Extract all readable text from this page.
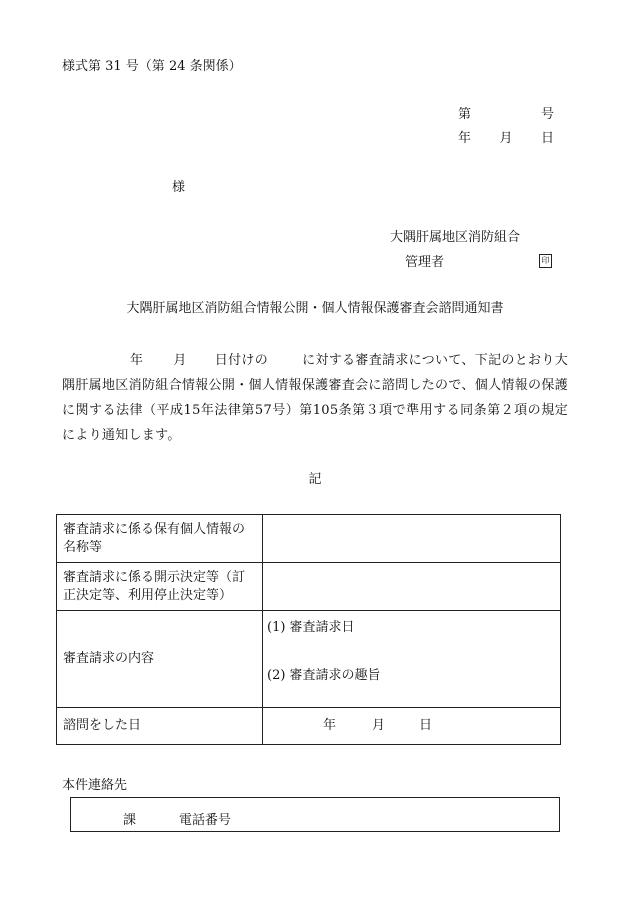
様式第 31 号（第 24 条関係）
第	号
年 月 日
様
大隅肝属地区消防組合
管理者	印
大隅肝属地区消防組合情報公開・個人情報保護審査会諮問通知書
年 月 日付けの	に対する審査請求について、下記のとおり大隅肝属地区消防組合情報公開・個人情報保護審査会に諮問したので、個人情報の保護に関する法律（平成15年法律第57号）第105条第３項で準用する同条第２項の規定により通知します。
記
審査請求に係る保有個人情報の名称等	
審査請求に係る開示決定等（訂正決定等、利用停止決定等）	
審査請求の内容	(1) 審査請求日
(2) 審査請求の趣旨

諮問をした日	年 月 日
本件連絡先
課	電話番号
